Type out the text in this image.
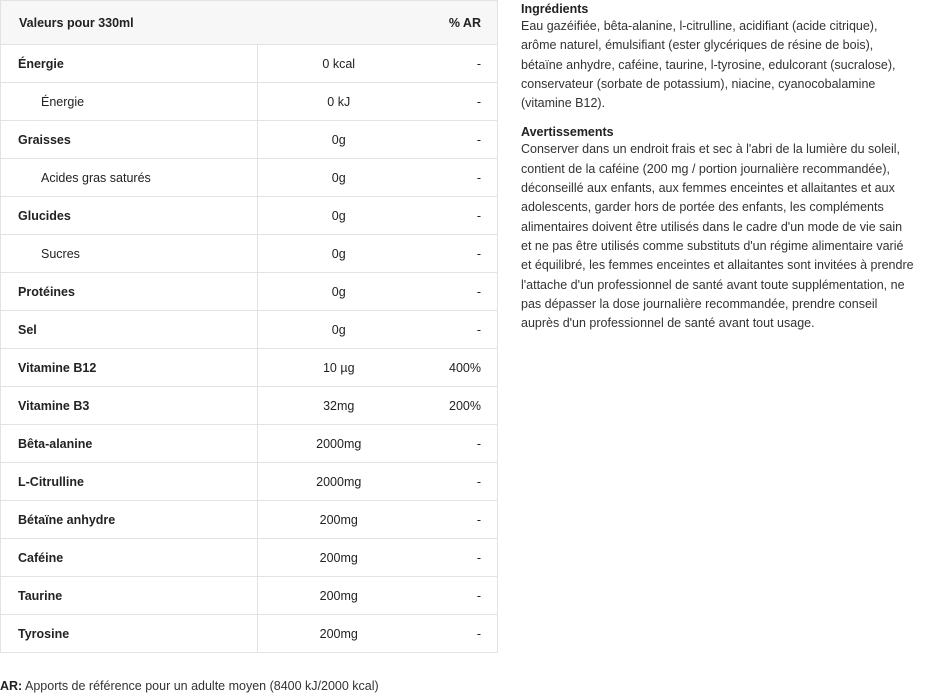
Valeurs pour 330ml		% AR
Énergie	0 kcal	-
Énergie	0 kJ	-
Graisses	0g	-
Acides gras saturés	0g	-
Glucides	0g	-
Sucres	0g	-
Protéines	0g	-
Sel	0g	-
Vitamine B12	10 µg	400%
Vitamine B3	32mg	200%
Bêta-alanine	2000mg	-
L-Citrulline	2000mg	-
Bétaïne anhydre	200mg	-
Caféine	200mg	-
Taurine	200mg	-
Tyrosine	200mg	-
AR: Apports de référence pour un adulte moyen (8400 kJ/2000 kcal)
Ingrédients

Eau gazéifiée, bêta-alanine, l-citrulline, acidifiant (acide citrique),
arôme naturel, émulsifiant (ester glycériques de résine de bois),
bétaïne anhydre, caféine, taurine, l-tyrosine, edulcorant (sucralose),
conservateur (sorbate de potassium), niacine, cyanocobalamine
(vitamine B12).

Avertissements

Conserver dans un endroit frais et sec à l'abri de la lumière du soleil,
contient de la caféine (200 mg / portion journalière recommandée),
déconseillé aux enfants, aux femmes enceintes et allaitantes et aux
adolescents, garder hors de portée des enfants, les compléments
alimentaires doivent être utilisés dans le cadre d'un mode de vie sain
et ne pas être utilisés comme substituts d'un régime alimentaire varié
et équilibré, les femmes enceintes et allaitantes sont invitées à prendre
l'attache d'un professionnel de santé avant toute supplémentation, ne
pas dépasser la dose journalière recommandée, prendre conseil
auprès d'un professionnel de santé avant tout usage.
